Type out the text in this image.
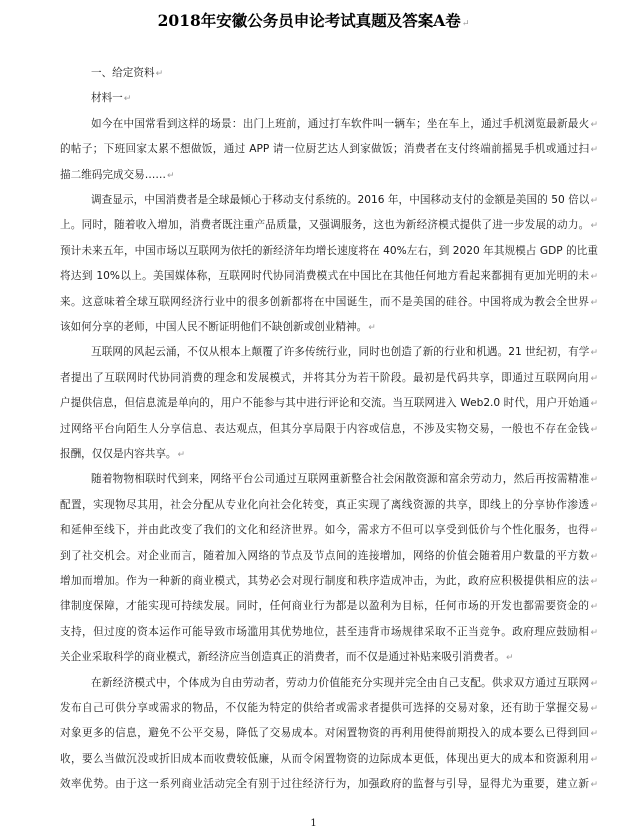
2018年安徽公务员申论考试真题及答案A卷 ↵
一、给定资料 ↵
材料一 ↵
如今在中国常看到这样的场景：出门上班前，通过打车软件叫一辆车；坐在车上，通过手机浏览最新最火 ↵
的帖子；下班回家太累不想做饭，通过 APP 请一位厨艺达人到家做饭；消费者在支付终端前摇晃手机或通过扫 ↵
描二维码完成交易…… ↵
调查显示，中国消费者是全球最倾心于移动支付系统的。2016 年，中国移动支付的金额是美国的 50 倍以 ↵
上。同时，随着收入增加，消费者既注重产品质量，又强调服务，这也为新经济模式提供了进一步发展的动力。 ↵
预计未来五年，中国市场以互联网为依托的新经济年均增长速度将在 40%左右，到 2020 年其规模占 GDP 的比重 ↵
将达到 10%以上。美国媒体称，互联网时代协同消费模式在中国比在其他任何地方看起来都拥有更加光明的未 ↵
来。这意味着全球互联网经济行业中的很多创新都将在中国诞生，而不是美国的硅谷。中国将成为教会全世界 ↵
该如何分享的老师，中国人民不断证明他们不缺创新或创业精神。 ↵
互联网的风起云涌，不仅从根本上颠覆了许多传统行业，同时也创造了新的行业和机遇。21 世纪初，有学 ↵
者提出了互联网时代协同消费的理念和发展模式，并将其分为若干阶段。最初是代码共享，即通过互联网向用 ↵
户提供信息，但信息流是单向的，用户不能参与其中进行评论和交流。当互联网进入 Web2.0 时代，用户开始通 ↵
过网络平台向陌生人分享信息、表达观点，但其分享局限于内容或信息，不涉及实物交易，一般也不存在金钱 ↵
报酬，仅仅是内容共享。 ↵
随着物物相联时代到来，网络平台公司通过互联网重新整合社会闲散资源和富余劳动力，然后再按需精准 ↵
配置，实现物尽其用，社会分配从专业化向社会化转变，真正实现了离线资源的共享，即线上的分享协作渗透 ↵
和延伸至线下，并由此改变了我们的文化和经济世界。如今，需求方不但可以享受到低价与个性化服务，也得 ↵
到了社交机会。对企业而言，随着加入网络的节点及节点间的连接增加，网络的价值会随着用户数量的平方数 ↵
增加而增加。作为一种新的商业模式，其势必会对现行制度和秩序造成冲击，为此，政府应积极提供相应的法 ↵
律制度保障，才能实现可持续发展。同时，任何商业行为都是以盈利为目标，任何市场的开发也都需要资金的 ↵
支持，但过度的资本运作可能导致市场滥用其优势地位，甚至违背市场规律采取不正当竞争。政府理应鼓励相 ↵
关企业采取科学的商业模式，新经济应当创造真正的消费者，而不仅是通过补贴来吸引消费者。 ↵
在新经济模式中，个体成为自由劳动者，劳动力价值能充分实现并完全由自己支配。供求双方通过互联网 ↵
发布自己可供分享或需求的物品，不仅能为特定的供给者或需求者提供可选择的交易对象，还有助于掌握交易 ↵
对象更多的信息，避免不公平交易，降低了交易成本。对闲置物资的再利用使得前期投入的成本要么已得到回 ↵
收，要么当做沉没或折旧成本而收费较低廉，从而令闲置物资的边际成本更低，体现出更大的成本和资源利用 ↵
效率优势。由于这一系列商业活动完全有别于过往经济行为，加强政府的监督与引导，显得尤为重要，建立新 ↵
1
